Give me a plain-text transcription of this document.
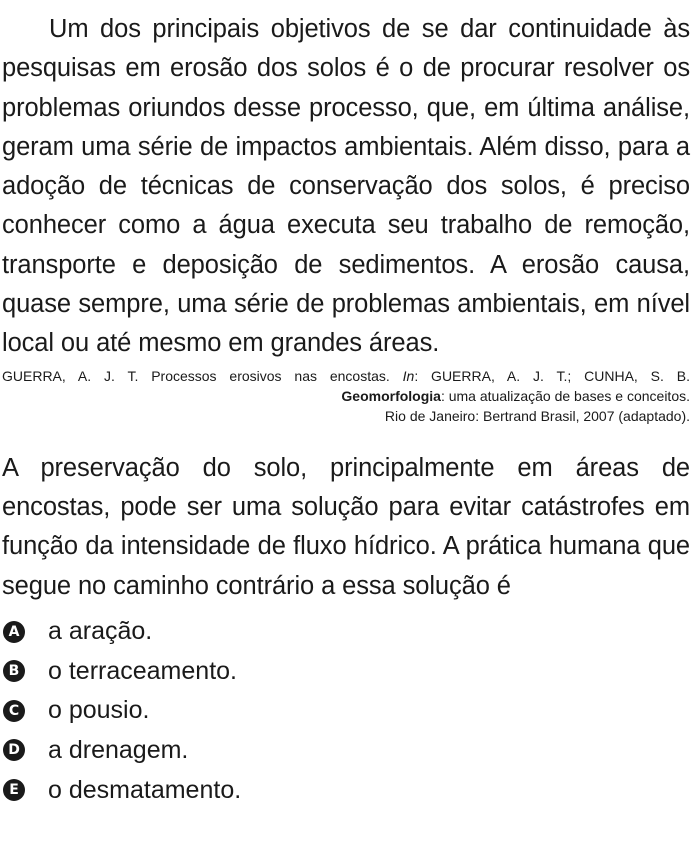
Um dos principais objetivos de se dar continuidade às pesquisas em erosão dos solos é o de procurar resolver os problemas oriundos desse processo, que, em última análise, geram uma série de impactos ambientais. Além disso, para a adoção de técnicas de conservação dos solos, é preciso conhecer como a água executa seu trabalho de remoção, transporte e deposição de sedimentos. A erosão causa, quase sempre, uma série de problemas ambientais, em nível local ou até mesmo em grandes áreas.

GUERRA, A. J. T. Processos erosivos nas encostas. In: GUERRA, A. J. T.; CUNHA, S. B.
Geomorfologia: uma atualização de bases e conceitos.
Rio de Janeiro: Bertrand Brasil, 2007 (adaptado).

A preservação do solo, principalmente em áreas de encostas, pode ser uma solução para evitar catástrofes em função da intensidade de fluxo hídrico. A prática humana que segue no caminho contrário a essa solução é

A a aração.
B o terraceamento.
C o pousio.
D a drenagem.
E o desmatamento.
